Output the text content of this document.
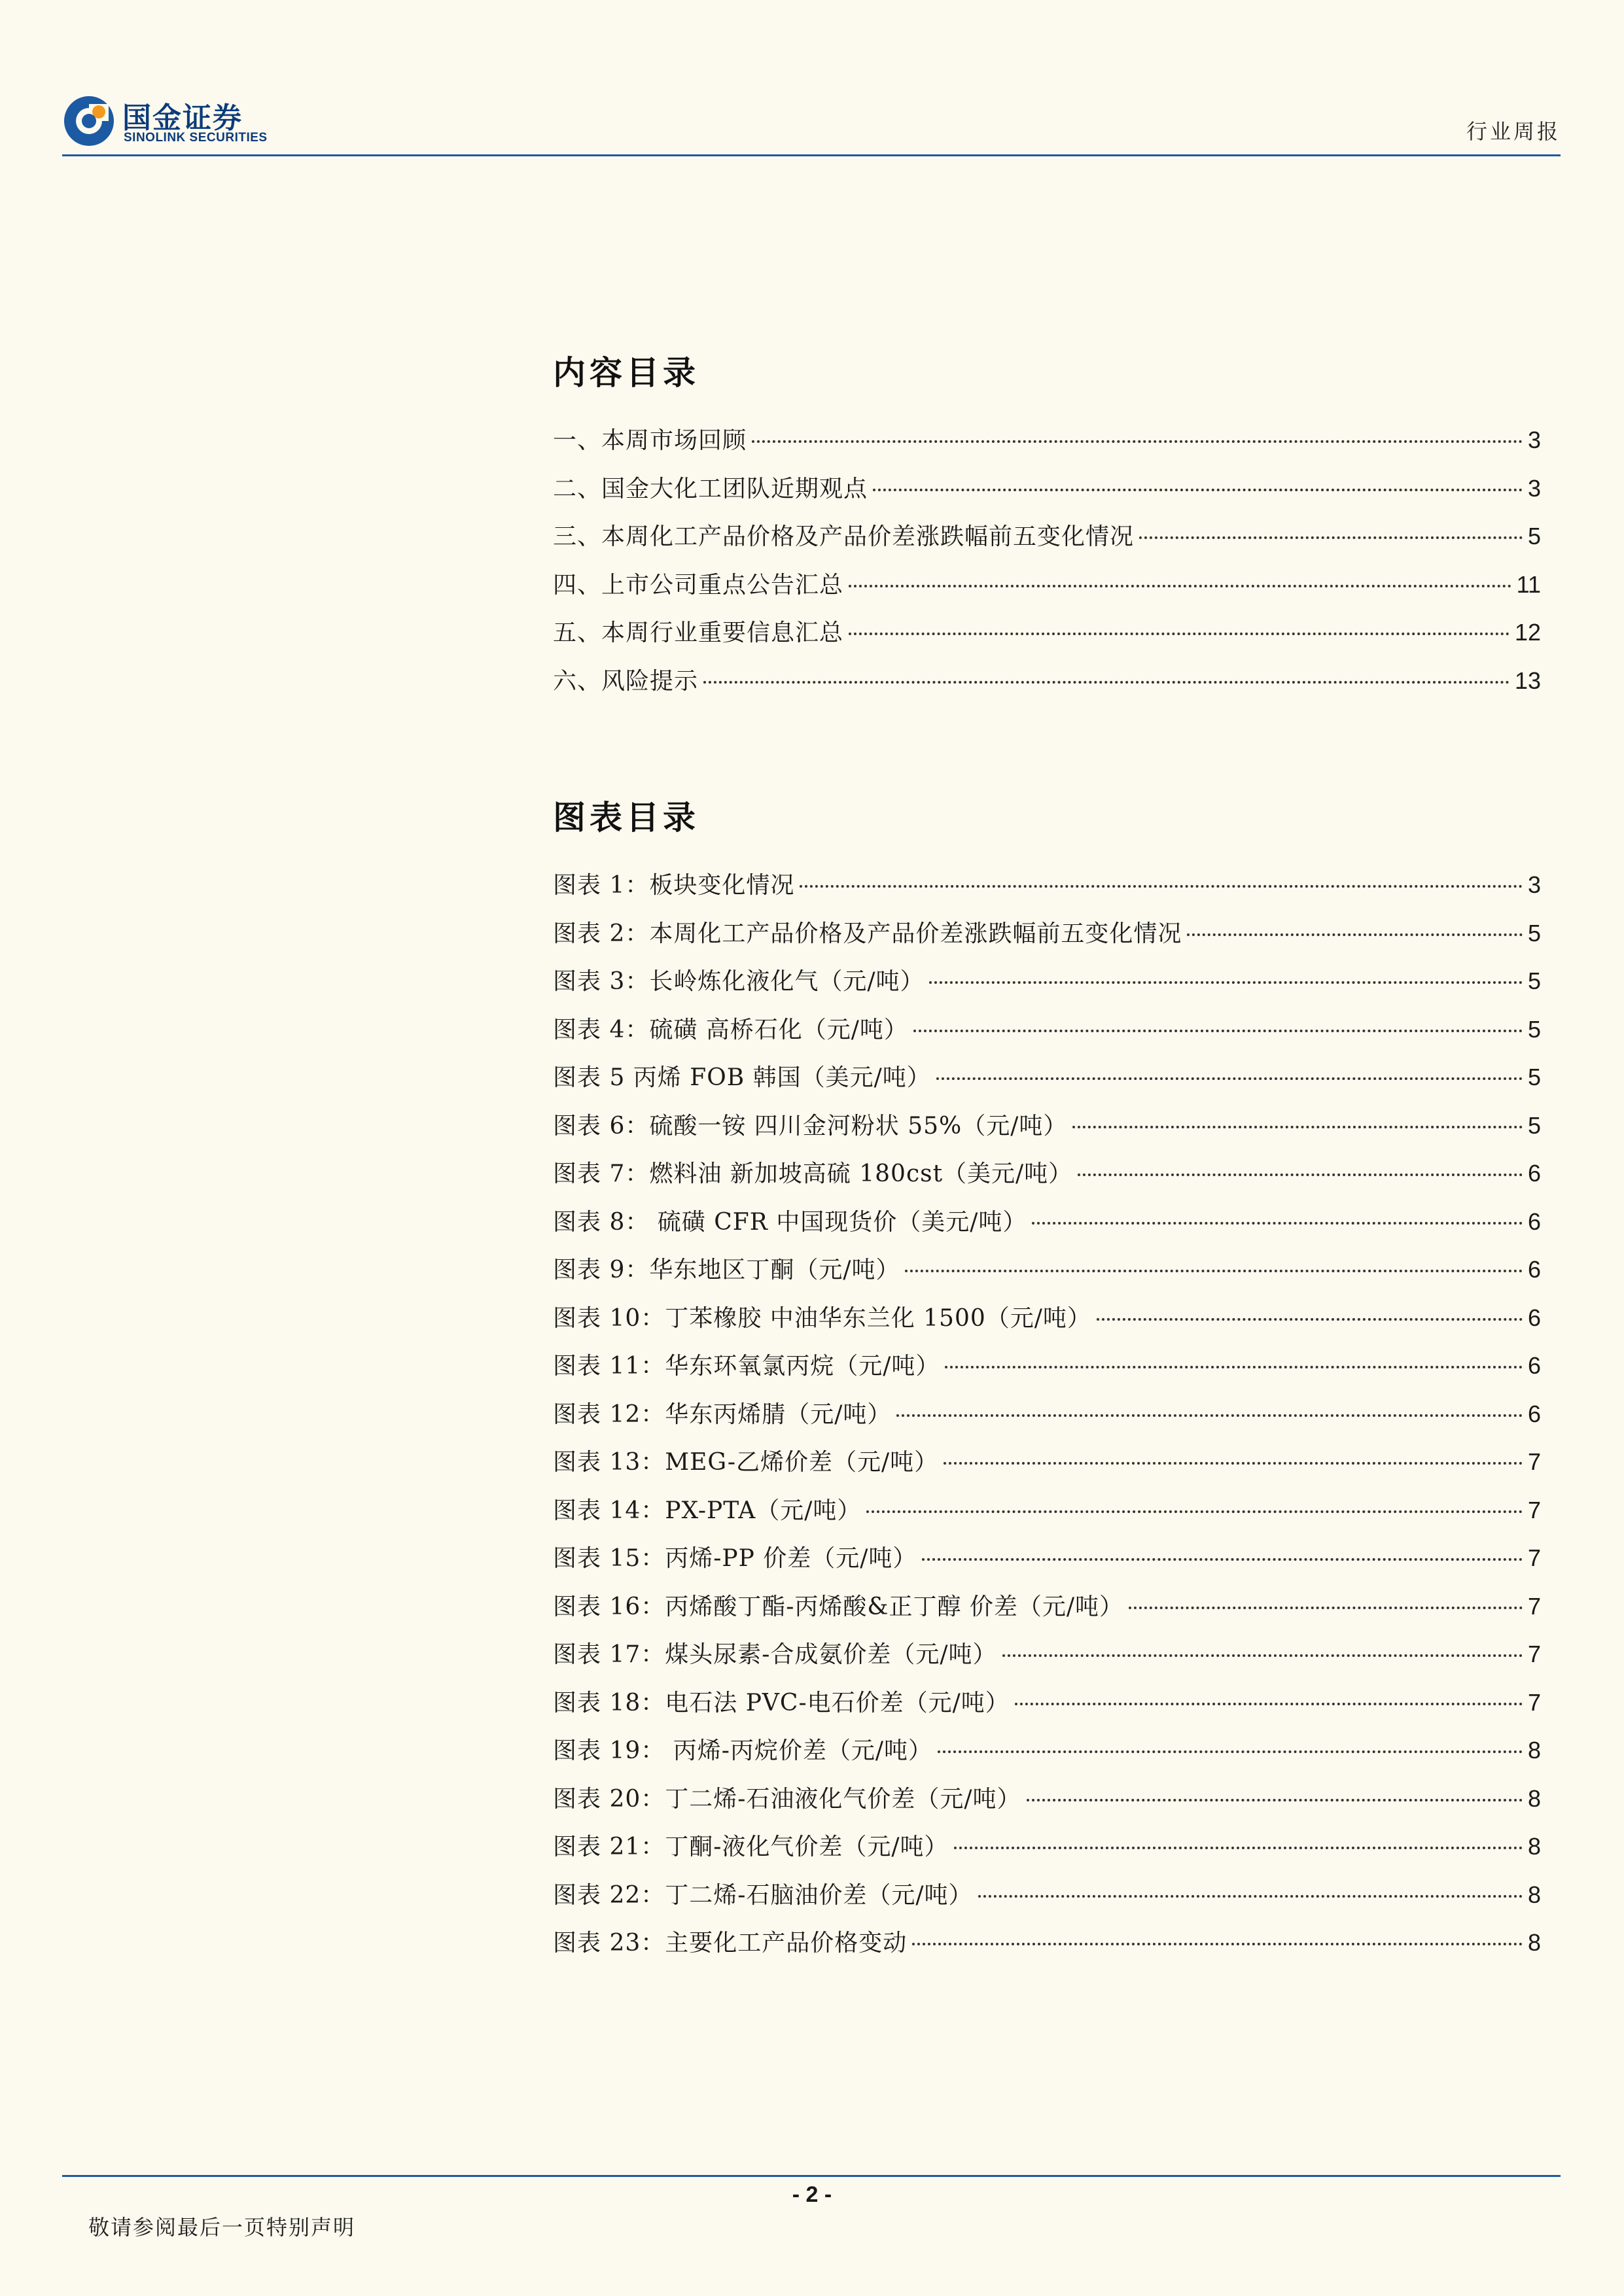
国金证券
SINOLINK SECURITIES	行业周报
内容目录
一、本周市场回顾	3
二、国金大化工团队近期观点	3
三、本周化工产品价格及产品价差涨跌幅前五变化情况	5
四、上市公司重点公告汇总	11
五、本周行业重要信息汇总	12
六、风险提示	13
图表目录
图表 1：板块变化情况	3
图表 2：本周化工产品价格及产品价差涨跌幅前五变化情况	5
图表 3：长岭炼化液化气（元/吨）	5
图表 4：硫磺 高桥石化（元/吨）	5
图表 5 丙烯 FOB 韩国（美元/吨）	5
图表 6：硫酸一铵 四川金河粉状 55%（元/吨）	5
图表 7：燃料油 新加坡高硫 180cst（美元/吨）	6
图表 8： 硫磺 CFR 中国现货价（美元/吨）	6
图表 9：华东地区丁酮（元/吨）	6
图表 10：丁苯橡胶 中油华东兰化 1500（元/吨）	6
图表 11：华东环氧氯丙烷（元/吨）	6
图表 12：华东丙烯腈（元/吨）	6
图表 13：MEG-乙烯价差（元/吨）	7
图表 14：PX-PTA（元/吨）	7
图表 15：丙烯-PP 价差（元/吨）	7
图表 16：丙烯酸丁酯-丙烯酸&正丁醇 价差（元/吨）	7
图表 17：煤头尿素-合成氨价差（元/吨）	7
图表 18：电石法 PVC-电石价差（元/吨）	7
图表 19： 丙烯-丙烷价差（元/吨）	8
图表 20：丁二烯-石油液化气价差（元/吨）	8
图表 21：丁酮-液化气价差（元/吨）	8
图表 22：丁二烯-石脑油价差（元/吨）	8
图表 23：主要化工产品价格变动	8
- 2 -
敬请参阅最后一页特别声明
